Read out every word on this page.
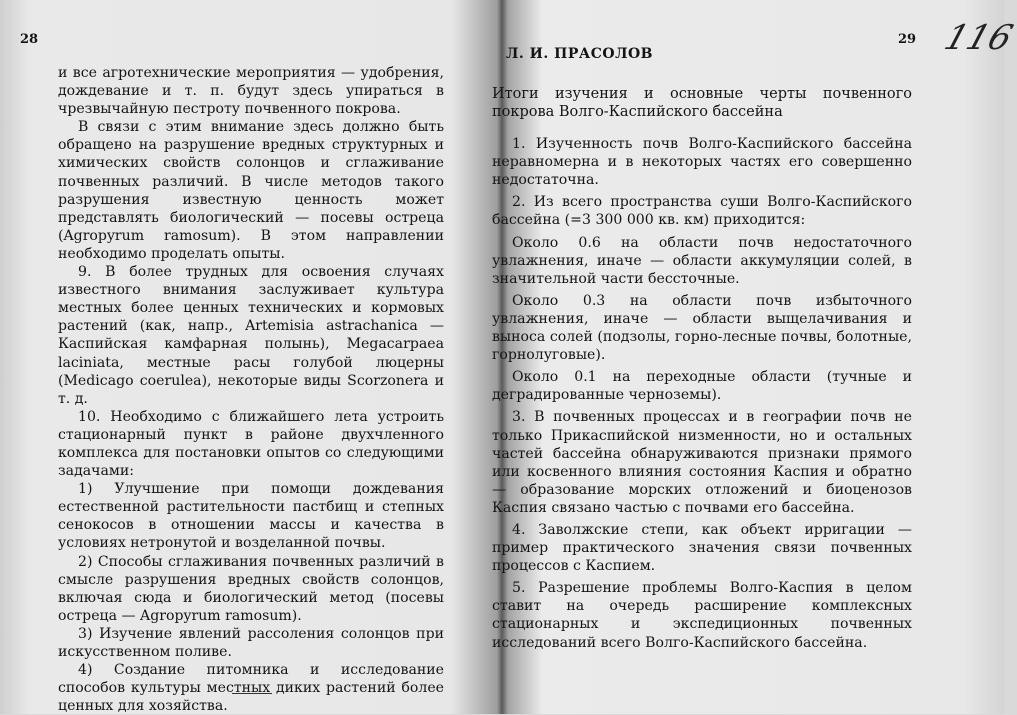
28

и все агротехнические мероприятия — удобрения, дождевание и т. п. будут здесь упираться в чрезвычайную пестроту почвенного покрова.

В связи с этим внимание здесь должно быть обращено на разрушение вредных структурных и химических свойств солонцов и сглаживание почвенных различий. В числе методов такого разрушения известную ценность может представлять биологический — посевы остреца (Agropyrum ramosum). В этом направлении необходимо проделать опыты.

9. В более трудных для освоения случаях известного внимания заслуживает культура местных более ценных технических и кормовых растений (как, напр., Artemisia astrachanica — Каспийская камфарная полынь), Megacarpaea laciniata, местные расы голубой люцерны (Medicago coerulea), некоторые виды Scorzonera и т. д.

10. Необходимо с ближайшего лета устроить стационарный пункт в районе двухчленного комплекса для постановки опытов со следующими задачами:

1) Улучшение при помощи дождевания естественной растительности пастбищ и степных сенокосов в отношении массы и качества в условиях нетронутой и возделанной почвы.

2) Способы сглаживания почвенных различий в смысле разрушения вредных свойств солонцов, включая сюда и биологический метод (посевы остреца — Agropyrum ramosum).

3) Изучение явлений рассоления солонцов при искусственном поливе.

4) Создание питомника и исследование способов культуры местных диких растений более ценных для хозяйства.

29
Л. И. ПРАСОЛОВ

Итоги изучения и основные черты почвенного покрова Волго-Каспийского бассейна

1. Изученность почв Волго-Каспийского бассейна неравномерна и в некоторых частях его совершенно недостаточна.

2. Из всего пространства суши Волго-Каспийского бассейна (=3 300 000 кв. км) приходится:

Около 0.6 на области почв недостаточного увлажнения, иначе — области аккумуляции солей, в значительной части бессточные.

Около 0.3 на области почв избыточного увлажнения, иначе — области выщелачивания и выноса солей (подзолы, горно-лесные почвы, болотные, горнолуговые).

Около 0.1 на переходные области (тучные и деградированные черноземы).

3. В почвенных процессах и в географии почв не только Прикаспийской низменности, но и остальных частей бассейна обнаруживаются признаки прямого или косвенного влияния состояния Каспия и обратно — образование морских отложений и биоценозов Каспия связано частью с почвами его бассейна.

4. Заволжские степи, как объект ирригации — пример практического значения связи почвенных процессов с Каспием.

5. Разрешение проблемы Волго-Каспия в целом ставит на очередь расширение комплексных стационарных и экспедиционных почвенных исследований всего Волго-Каспийского бассейна.

116
